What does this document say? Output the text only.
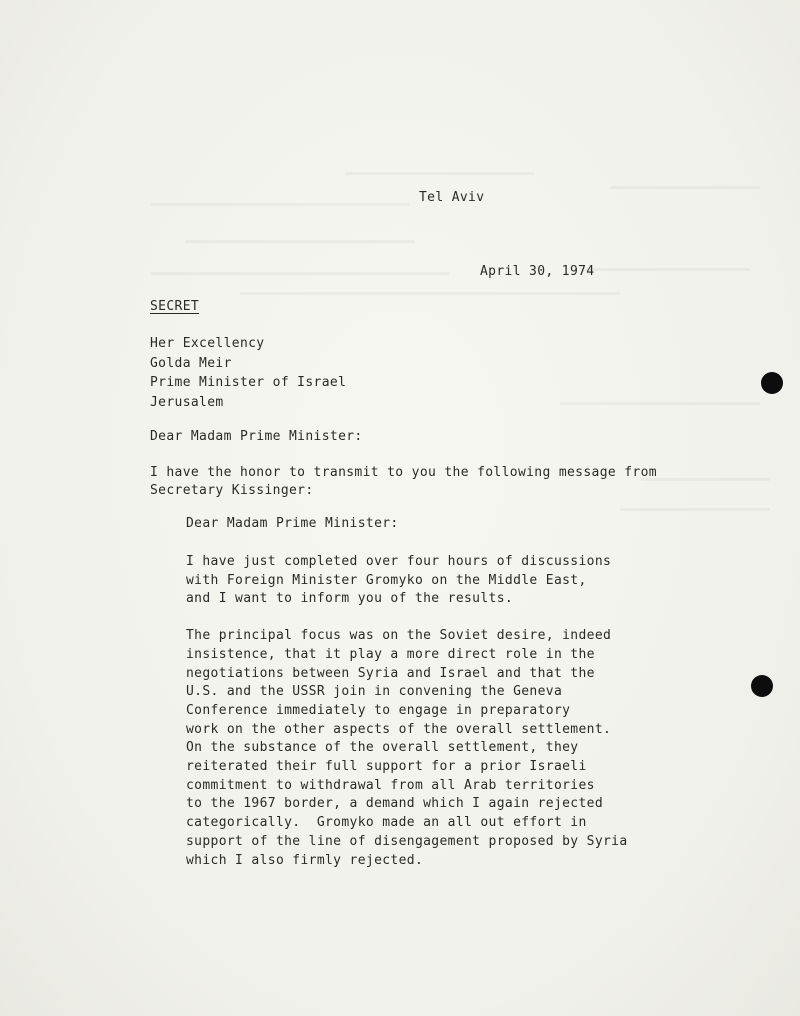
Tel Aviv
April 30, 1974
SECRET
Her Excellency
Golda Meir
Prime Minister of Israel
Jerusalem
Dear Madam Prime Minister:
I have the honor to transmit to you the following message from
Secretary Kissinger:
Dear Madam Prime Minister:
I have just completed over four hours of discussions
with Foreign Minister Gromyko on the Middle East,
and I want to inform you of the results.
The principal focus was on the Soviet desire, indeed
insistence, that it play a more direct role in the
negotiations between Syria and Israel and that the
U.S. and the USSR join in convening the Geneva
Conference immediately to engage in preparatory
work on the other aspects of the overall settlement.
On the substance of the overall settlement, they
reiterated their full support for a prior Israeli
commitment to withdrawal from all Arab territories
to the 1967 border, a demand which I again rejected
categorically.  Gromyko made an all out effort in
support of the line of disengagement proposed by Syria
which I also firmly rejected.
